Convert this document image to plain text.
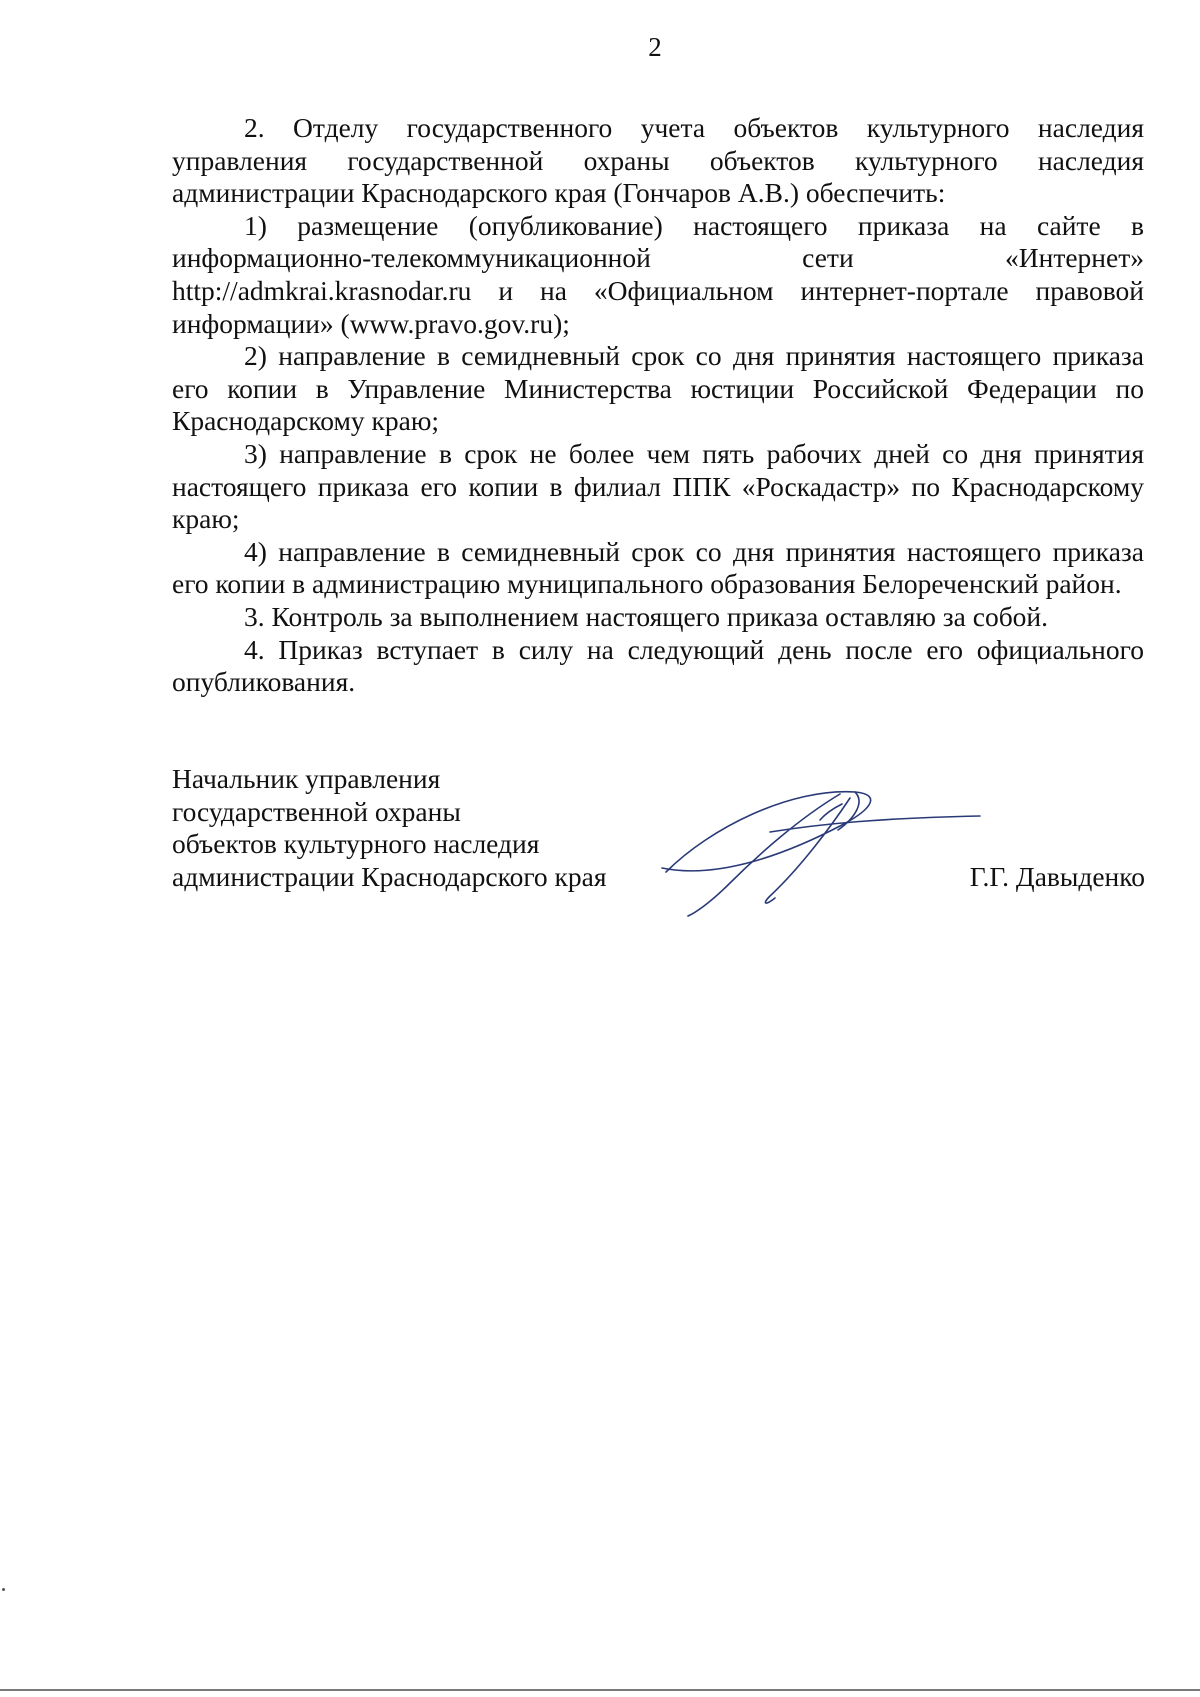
2

2. Отделу государственного учета объектов культурного наследия управления государственной охраны объектов культурного наследия администрации Краснодарского края (Гончаров А.В.) обеспечить:

1) размещение (опубликование) настоящего приказа на сайте в информационно-телекоммуникационной сети «Интернет» http://admkrai.krasnodar.ru и на «Официальном интернет-портале правовой информации» (www.pravo.gov.ru);

2) направление в семидневный срок со дня принятия настоящего приказа его копии в Управление Министерства юстиции Российской Федерации по Краснодарскому краю;

3) направление в срок не более чем пять рабочих дней со дня принятия настоящего приказа его копии в филиал ППК «Роскадастр» по Краснодарскому краю;

4) направление в семидневный срок со дня принятия настоящего приказа его копии в администрацию муниципального образования Белореченский район.

3. Контроль за выполнением настоящего приказа оставляю за собой.

4. Приказ вступает в силу на следующий день после его официального опубликования.

Начальник управления
государственной охраны
объектов культурного наследия
администрации Краснодарского края	Г.Г. Давыденко
